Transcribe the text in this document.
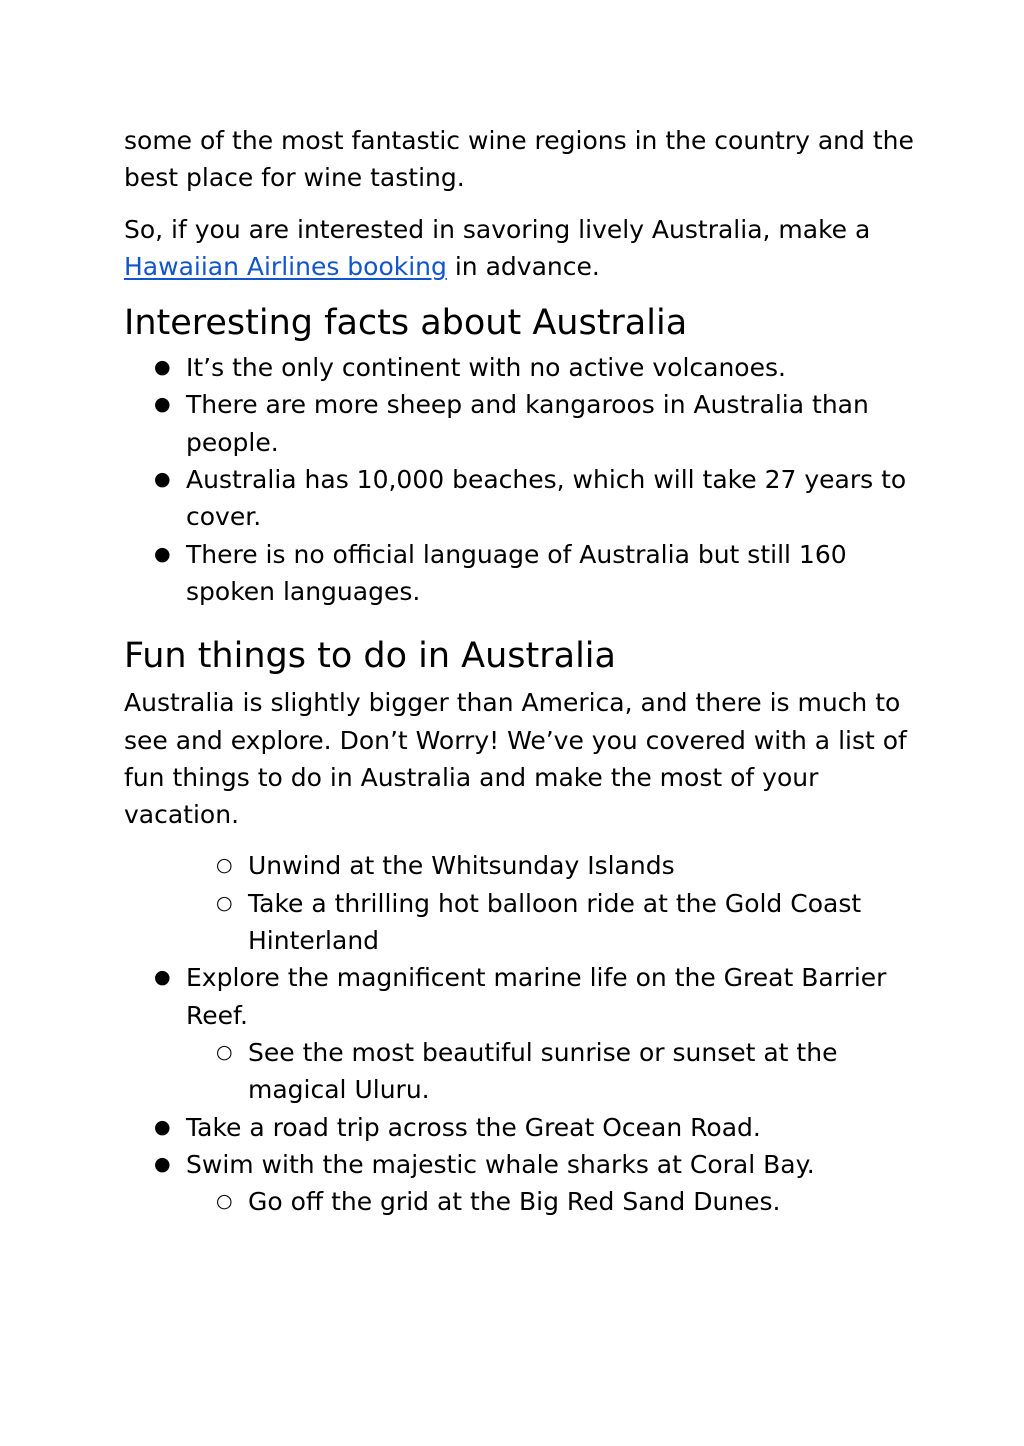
some of the most fantastic wine regions in the country and the best place for wine tasting.

So, if you are interested in savoring lively Australia, make a Hawaiian Airlines booking in advance.

Interesting facts about Australia
● It’s the only continent with no active volcanoes.
● There are more sheep and kangaroos in Australia than people.
● Australia has 10,000 beaches, which will take 27 years to cover.
● There is no official language of Australia but still 160 spoken languages.
Fun things to do in Australia

Australia is slightly bigger than America, and there is much to see and explore. Don’t Worry! We’ve you covered with a list of fun things to do in Australia and make the most of your vacation.

○ Unwind at the Whitsunday Islands
○ Take a thrilling hot balloon ride at the Gold Coast Hinterland
● Explore the magnificent marine life on the Great Barrier Reef.
○ See the most beautiful sunrise or sunset at the magical Uluru.
● Take a road trip across the Great Ocean Road.
● Swim with the majestic whale sharks at Coral Bay.
○ Go off the grid at the Big Red Sand Dunes.
